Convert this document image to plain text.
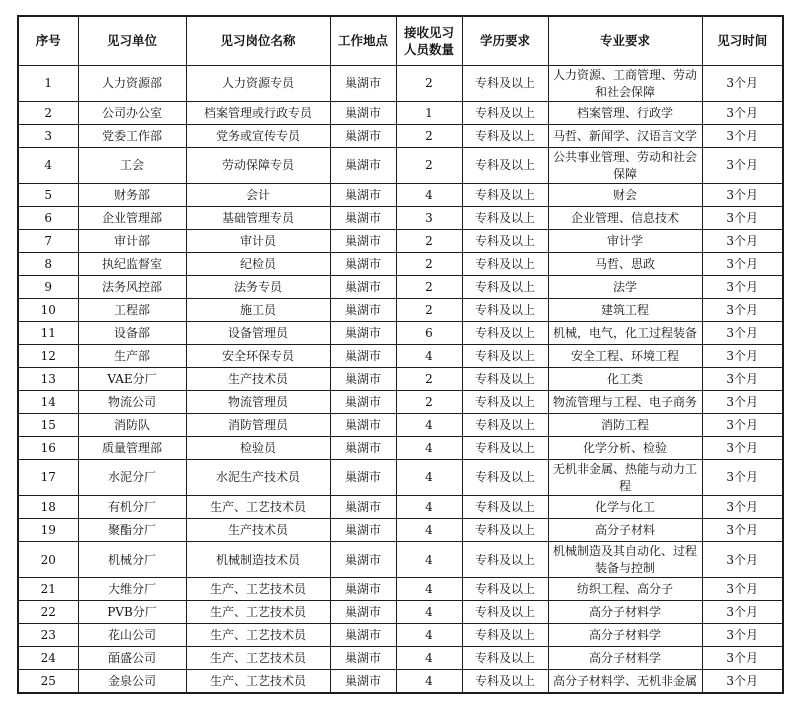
序号	见习单位	见习岗位名称	工作地点	接收见习人员数量	学历要求	专业要求	见习时间
1	人力资源部	人力资源专员	巢湖市	2	专科及以上	人力资源、工商管理、劳动和社会保障	3个月
2	公司办公室	档案管理或行政专员	巢湖市	1	专科及以上	档案管理、行政学	3个月
3	党委工作部	党务或宣传专员	巢湖市	2	专科及以上	马哲、新闻学、汉语言文学	3个月
4	工会	劳动保障专员	巢湖市	2	专科及以上	公共事业管理、劳动和社会保障	3个月
5	财务部	会计	巢湖市	4	专科及以上	财会	3个月
6	企业管理部	基础管理专员	巢湖市	3	专科及以上	企业管理、信息技术	3个月
7	审计部	审计员	巢湖市	2	专科及以上	审计学	3个月
8	执纪监督室	纪检员	巢湖市	2	专科及以上	马哲、思政	3个月
9	法务风控部	法务专员	巢湖市	2	专科及以上	法学	3个月
10	工程部	施工员	巢湖市	2	专科及以上	建筑工程	3个月
11	设备部	设备管理员	巢湖市	6	专科及以上	机械，电气，化工过程装备	3个月
12	生产部	安全环保专员	巢湖市	4	专科及以上	安全工程、环境工程	3个月
13	VAE分厂	生产技术员	巢湖市	2	专科及以上	化工类	3个月
14	物流公司	物流管理员	巢湖市	2	专科及以上	物流管理与工程、电子商务	3个月
15	消防队	消防管理员	巢湖市	4	专科及以上	消防工程	3个月
16	质量管理部	检验员	巢湖市	4	专科及以上	化学分析、检验	3个月
17	水泥分厂	水泥生产技术员	巢湖市	4	专科及以上	无机非金属、热能与动力工程	3个月
18	有机分厂	生产、工艺技术员	巢湖市	4	专科及以上	化学与化工	3个月
19	聚酯分厂	生产技术员	巢湖市	4	专科及以上	高分子材料	3个月
20	机械分厂	机械制造技术员	巢湖市	4	专科及以上	机械制造及其自动化、过程装备与控制	3个月
21	大维分厂	生产、工艺技术员	巢湖市	4	专科及以上	纺织工程、高分子	3个月
22	PVB分厂	生产、工艺技术员	巢湖市	4	专科及以上	高分子材料学	3个月
23	花山公司	生产、工艺技术员	巢湖市	4	专科及以上	高分子材料学	3个月
24	皕盛公司	生产、工艺技术员	巢湖市	4	专科及以上	高分子材料学	3个月
25	金泉公司	生产、工艺技术员	巢湖市	4	专科及以上	高分子材料学、无机非金属	3个月
